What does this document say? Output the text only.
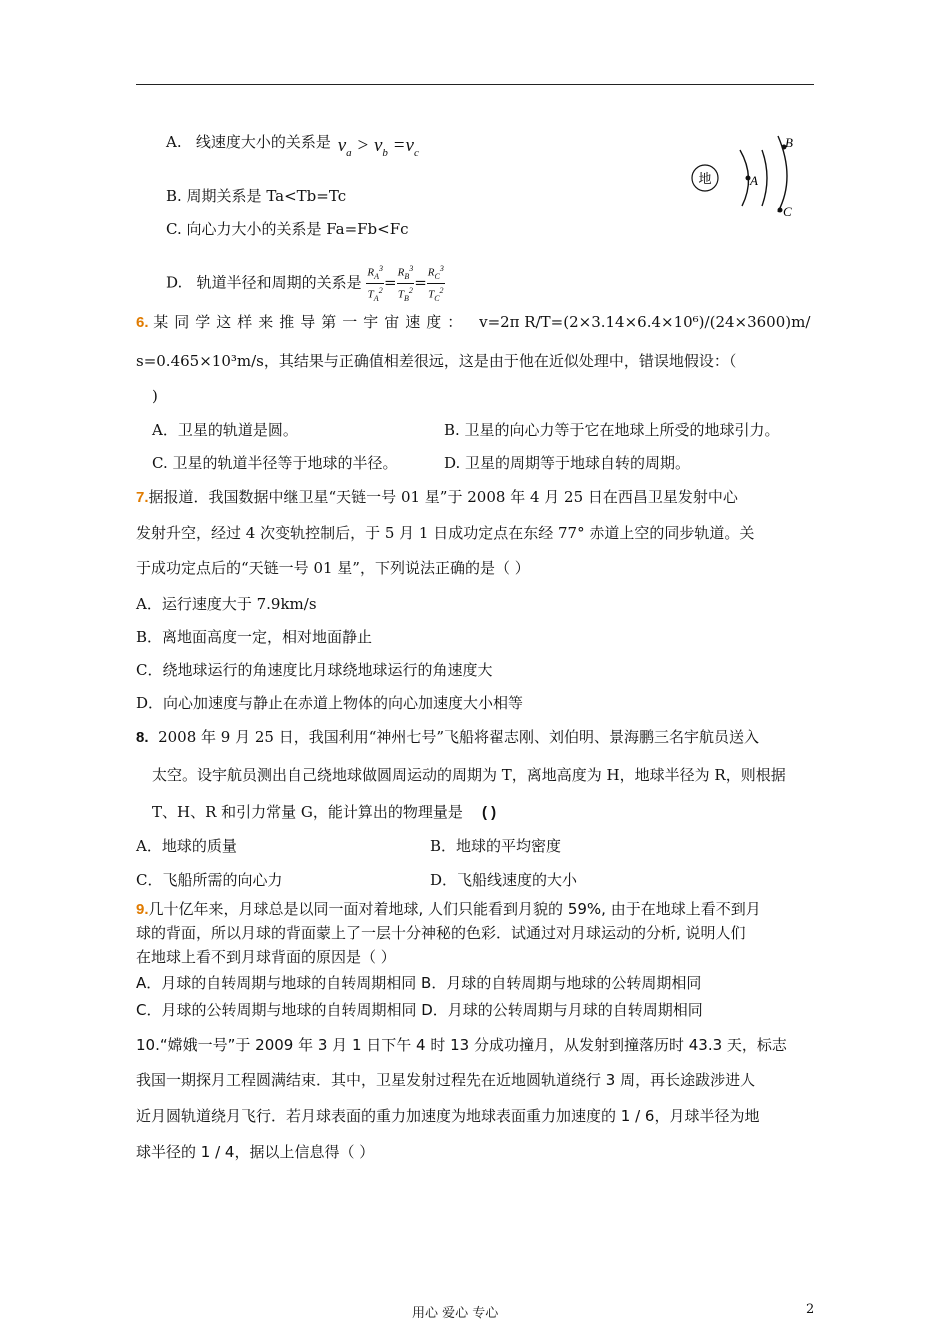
A. 线速度大小的关系是 $v_a > v_b =v_c$
B. 周期关系是 Ta<Tb=Tc
C. 向心力大小的关系是 Fa=Fb<Fc
D. 轨道半径和周期的关系是 $\frac{R_A^3}{T_A^2} = \frac{R_B^3}{T_B^2} = \frac{R_C^3}{T_C^2}$
地	A
B
C
6. 某同学这样来推导第一宇宙速度： v=2π R/T=(2×3.14×6.4×10⁶)/(24×3600)m/
s=0.465×10³m/s，其结果与正确值相差很远，这是由于他在近似处理中，错误地假设：（
)
A．卫星的轨道是圆。	B. 卫星的向心力等于它在地球上所受的地球引力。
C. 卫星的轨道半径等于地球的半径。	D. 卫星的周期等于地球自转的周期。
7.据报道．我国数据中继卫星“天链一号 01 星”于 2008 年 4 月 25 日在西昌卫星发射中心
发射升空，经过 4 次变轨控制后，于 5 月 1 日成功定点在东经 77° 赤道上空的同步轨道。关
于成功定点后的“天链一号 01 星”，下列说法正确的是（ ）
A．运行速度大于 7.9km/s
B．离地面高度一定，相对地面静止
C．绕地球运行的角速度比月球绕地球运行的角速度大
D．向心加速度与静止在赤道上物体的向心加速度大小相等
8. 2008 年 9 月 25 日，我国利用“神州七号”飞船将翟志刚、刘伯明、景海鹏三名宇航员送入
太空。设宇航员测出自己绕地球做圆周运动的周期为 T，离地高度为 H，地球半径为 R，则根据
T、H、R 和引力常量 G，能计算出的物理量是 ( )
A．地球的质量	B．地球的平均密度
C．飞船所需的向心力	D．飞船线速度的大小
9.几十亿年来，月球总是以同一面对着地球, 人们只能看到月貌的 59%, 由于在地球上看不到月
球的背面，所以月球的背面蒙上了一层十分神秘的色彩．试通过对月球运动的分析, 说明人们
在地球上看不到月球背面的原因是（ ）
A．月球的自转周期与地球的自转周期相同 B．月球的自转周期与地球的公转周期相同
C．月球的公转周期与地球的自转周期相同 D．月球的公转周期与月球的自转周期相同
10.“嫦娥一号”于 2009 年 3 月 1 日下午 4 时 13 分成功撞月，从发射到撞落历时 43.3 天，标志
我国一期探月工程圆满结束．其中，卫星发射过程先在近地圆轨道绕行 3 周，再长途跋涉进人
近月圆轨道绕月飞行．若月球表面的重力加速度为地球表面重力加速度的 1 / 6，月球半径为地
球半径的 1 / 4，据以上信息得（ ）
用心 爱心 专心	2
